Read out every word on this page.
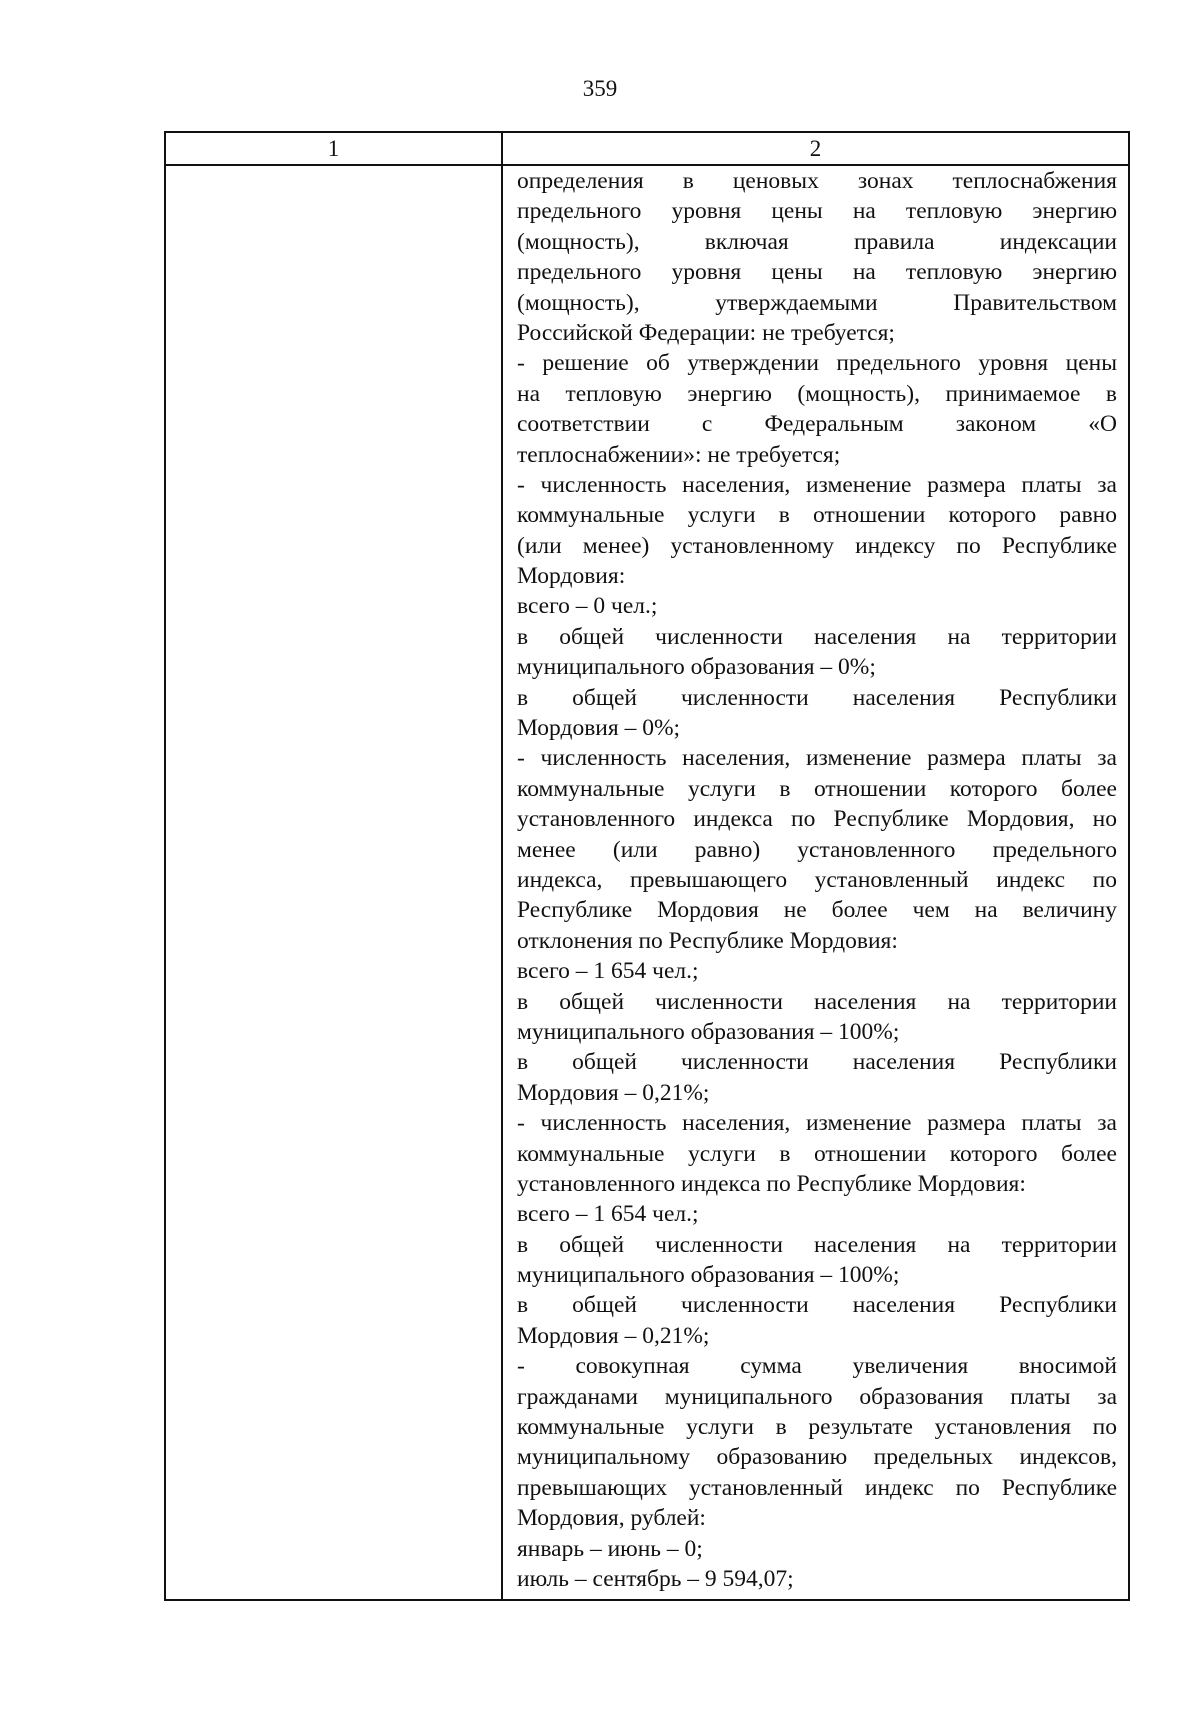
359
1	2
определения в ценовых зонах теплоснабжения
предельного уровня цены на тепловую энергию
(мощность), включая правила индексации
предельного уровня цены на тепловую энергию
(мощность), утверждаемыми Правительством
Российской Федерации: не требуется;
- решение об утверждении предельного уровня цены
на тепловую энергию (мощность), принимаемое в
соответствии с Федеральным законом «О
теплоснабжении»: не требуется;
- численность населения, изменение размера платы за
коммунальные услуги в отношении которого равно
(или менее) установленному индексу по Республике
Мордовия:
всего – 0 чел.;
в общей численности населения на территории
муниципального образования – 0%;
в общей численности населения Республики
Мордовия – 0%;
- численность населения, изменение размера платы за
коммунальные услуги в отношении которого более
установленного индекса по Республике Мордовия, но
менее (или равно) установленного предельного
индекса, превышающего установленный индекс по
Республике Мордовия не более чем на величину
отклонения по Республике Мордовия:
всего – 1 654 чел.;
в общей численности населения на территории
муниципального образования – 100%;
в общей численности населения Республики
Мордовия – 0,21%;
- численность населения, изменение размера платы за
коммунальные услуги в отношении которого более
установленного индекса по Республике Мордовия:
всего – 1 654 чел.;
в общей численности населения на территории
муниципального образования – 100%;
в общей численности населения Республики
Мордовия – 0,21%;
- совокупная сумма увеличения вносимой
гражданами муниципального образования платы за
коммунальные услуги в результате установления по
муниципальному образованию предельных индексов,
превышающих установленный индекс по Республике
Мордовия, рублей:
январь – июнь – 0;
июль – сентябрь – 9 594,07;
